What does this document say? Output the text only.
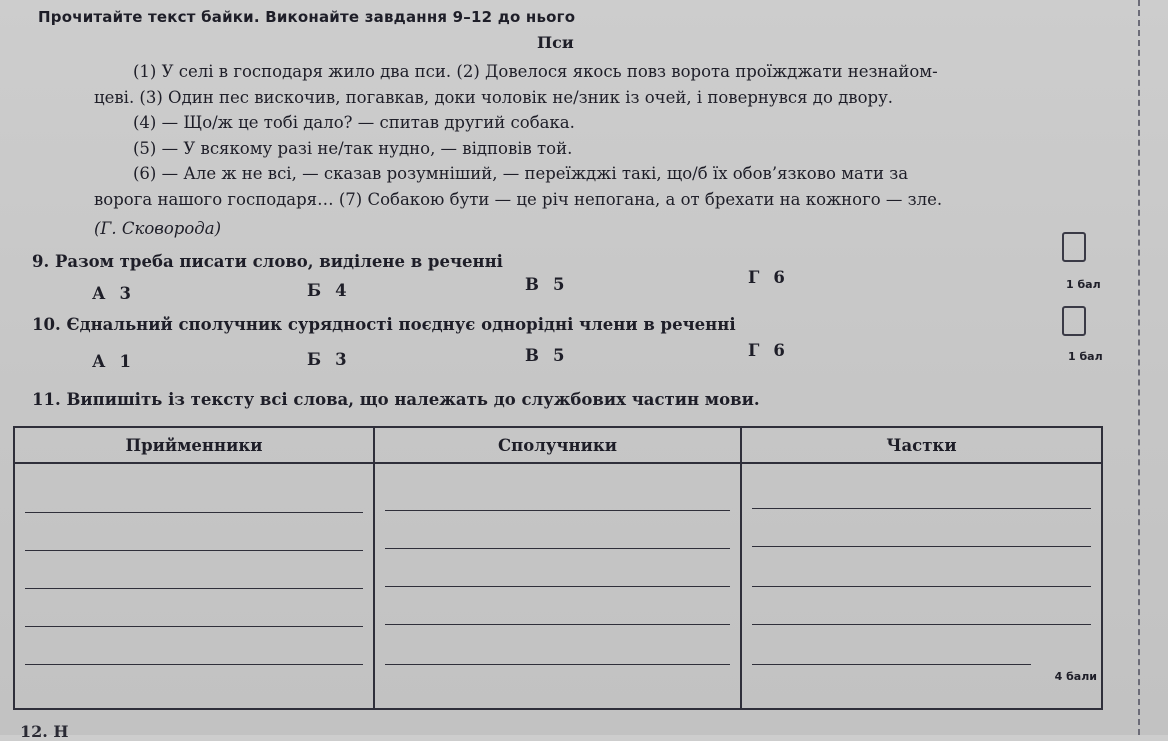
Прочитайте текст байки. Виконайте завдання 9–12 до нього
Пси
(1) У селі в господаря жило два пси. (2) Довелося якось повз ворота проїжджати незнайом-
цеві. (3) Один пес вискочив, погавкав, доки чоловік не/зник із очей, і повернувся до двору.
(4) — Що/ж це тобі дало? — спитав другий собака.
(5) — У всякому разі не/так нудно, — відповів той.
(6) — Але ж не всі, — сказав розумніший, — переїжджі такі, що/б їх обов’язково мати за
ворога нашого господаря… (7) Собакою бути — це річ непогана, а от брехати на кожного — зле.
(Г. Сковорода)
9. Разом треба писати слово, виділене в реченні
1 бал
А 3	Б 4	В 5	Г 6
10. Єднальний сполучник сурядності поєднує однорідні члени в реченні
1 бал
А 1	Б 3	В 5	Г 6
11. Випишіть із тексту всі слова, що належать до службових частин мови.
Прийменники	Сполучники	Частки

		4 бали
12. Н
